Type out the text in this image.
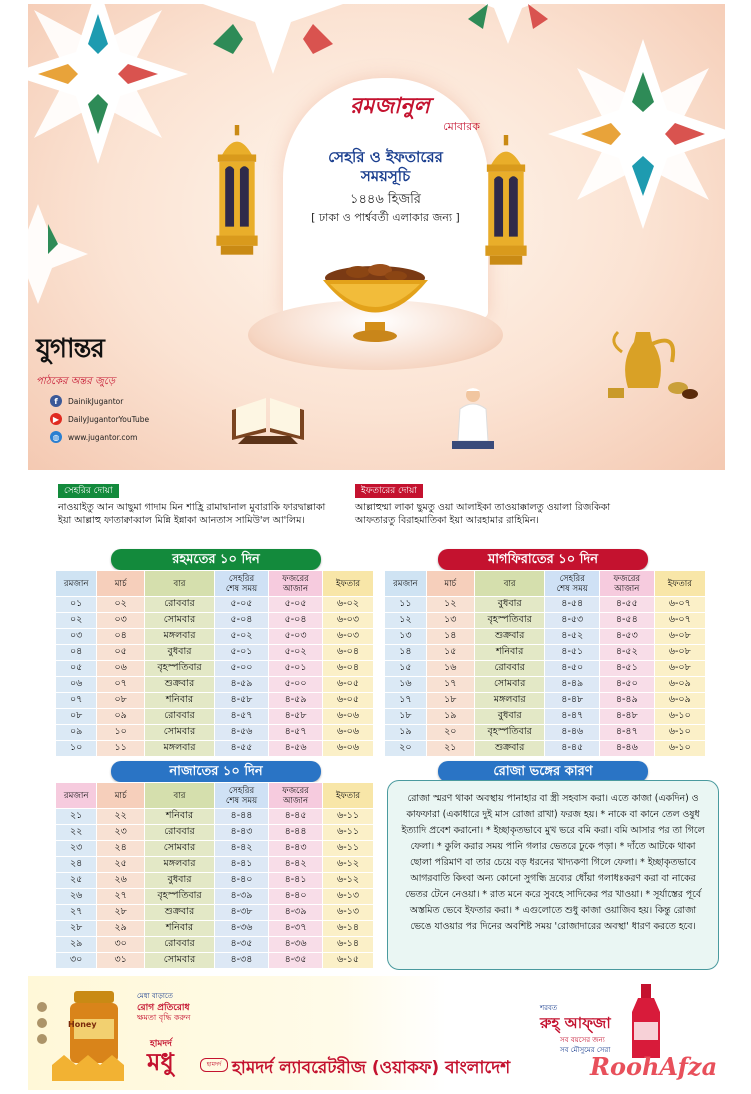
রমজানুল
মোবারক
সেহরি ও ইফতারের
সময়সূচি
১৪৪৬ হিজরি
[ ঢাকা ও পার্শ্ববর্তী এলাকার জন্য ]
যুগান্তর
পাঠকের অন্তর জুড়ে
f	DainikJugantor
▶	DailyJugantorYouTube
◍	www.jugantor.com
সেহরির দোয়া
নাওয়াইতু আন আছুমা গাদাম মিন শাহ্রি রামাদ্বানাল মুবারাকি ফারদ্বাল্লাকা
ইয়া আল্লাহু ফাতাক্বাব্বাল মিন্নি ইন্নাকা আনতাস সামিউ'ল আ'লিম।
ইফতারের দোয়া
আল্লাহুম্মা লাকা ছুমতু ওয়া আলাইকা তাওয়াক্কালতু ওয়ালা রিজকিকা
আফতারতু বিরাহমাতিকা ইয়া আরহামার রাহিমিন।
রহমতের ১০ দিন	মাগফিরাতের ১০ দিন
নাজাতের ১০ দিন	রোজা ভঙ্গের কারণ
রমজান	মার্চ	বার	সেহরির
শেষ সময়	ফজরের
আজান	ইফতার
০১	০২	রোববার	৫-০৫	৫-০৫	৬-০২
০২	০৩	সোমবার	৫-০৪	৫-০৪	৬-০৩
০৩	০৪	মঙ্গলবার	৫-০২	৫-০৩	৬-০৩
০৪	০৫	বুধবার	৫-০১	৫-০২	৬-০৪
০৫	০৬	বৃহস্পতিবার	৫-০০	৫-০১	৬-০৪
০৬	০৭	শুক্রবার	৪-৫৯	৫-০০	৬-০৫
০৭	০৮	শনিবার	৪-৫৮	৪-৫৯	৬-০৫
০৮	০৯	রোববার	৪-৫৭	৪-৫৮	৬-০৬
০৯	১০	সোমবার	৪-৫৬	৪-৫৭	৬-০৬
১০	১১	মঙ্গলবার	৪-৫৫	৪-৫৬	৬-০৬
রমজান	মার্চ	বার	সেহরির
শেষ সময়	ফজরের
আজান	ইফতার
১১	১২	বুধবার	৪-৫৪	৪-৫৫	৬-০৭
১২	১৩	বৃহস্পতিবার	৪-৫৩	৪-৫৪	৬-০৭
১৩	১৪	শুক্রবার	৪-৫২	৪-৫৩	৬-০৮
১৪	১৫	শনিবার	৪-৫১	৪-৫২	৬-০৮
১৫	১৬	রোববার	৪-৫০	৪-৫১	৬-০৮
১৬	১৭	সোমবার	৪-৪৯	৪-৫০	৬-০৯
১৭	১৮	মঙ্গলবার	৪-৪৮	৪-৪৯	৬-০৯
১৮	১৯	বুধবার	৪-৪৭	৪-৪৮	৬-১০
১৯	২০	বৃহস্পতিবার	৪-৪৬	৪-৪৭	৬-১০
২০	২১	শুক্রবার	৪-৪৫	৪-৪৬	৬-১০
রমজান	মার্চ	বার	সেহরির
শেষ সময়	ফজরের
আজান	ইফতার
২১	২২	শনিবার	৪-৪৪	৪-৪৫	৬-১১
২২	২৩	রোববার	৪-৪৩	৪-৪৪	৬-১১
২৩	২৪	সোমবার	৪-৪২	৪-৪৩	৬-১১
২৪	২৫	মঙ্গলবার	৪-৪১	৪-৪২	৬-১২
২৫	২৬	বুধবার	৪-৪০	৪-৪১	৬-১২
২৬	২৭	বৃহস্পতিবার	৪-৩৯	৪-৪০	৬-১৩
২৭	২৮	শুক্রবার	৪-৩৮	৪-৩৯	৬-১৩
২৮	২৯	শনিবার	৪-৩৬	৪-৩৭	৬-১৪
২৯	৩০	রোববার	৪-৩৫	৪-৩৬	৬-১৪
৩০	৩১	সোমবার	৪-৩৪	৪-৩৫	৬-১৫
রোজা স্মরণ থাকা অবস্থায় পানাহার বা স্ত্রী সহবাস করা। এতে কাজা (একদিন) ও কাফফারা (একাধারে দুই মাস রোজা রাখা) ফরজ হয়। * নাকে বা কানে তেল ওষুধ ইত্যাদি প্রবেশ করানো। * ইচ্ছাকৃতভাবে মুখ ভরে বমি করা। বমি আসার পর তা গিলে ফেলা। * কুলি করার সময় পানি গলার ভেতরে ঢুকে পড়া। * দাঁতে আটকে থাকা ছোলা পরিমাণ বা তার চেয়ে বড় ধরনের খাদ্যকণা গিলে ফেলা। * ইচ্ছাকৃতভাবে আগরবাতি কিংবা অন্য কোনো সুগন্ধি দ্রব্যের ধোঁয়া গলাধঃকরণ করা বা নাকের ভেতর টেনে নেওয়া। * রাত মনে করে সুবহে সাদিকের পর খাওয়া। * সূর্যাস্তের পূর্বে অস্তমিত ভেবে ইফতার করা। * এগুলোতে শুধু কাজা ওয়াজিব হয়। কিন্তু রোজা ভেঙে যাওয়ার পর দিনের অবশিষ্ট সময় 'রোজাদারের অবস্থা' ধারণ করতে হবে।
Honey
মেধা বাড়াতে
রোগ প্রতিরোধ
ক্ষমতা বৃদ্ধি করুন
হামদর্দ
মধু
শরবত
রুহ্‌ আফ্‌জা
সব বয়সের জন্য
সব মৌসুমের সেরা
RoohAfza
হামদর্দ হামদর্দ ল্যাবরেটরীজ (ওয়াকফ) বাংলাদেশ
